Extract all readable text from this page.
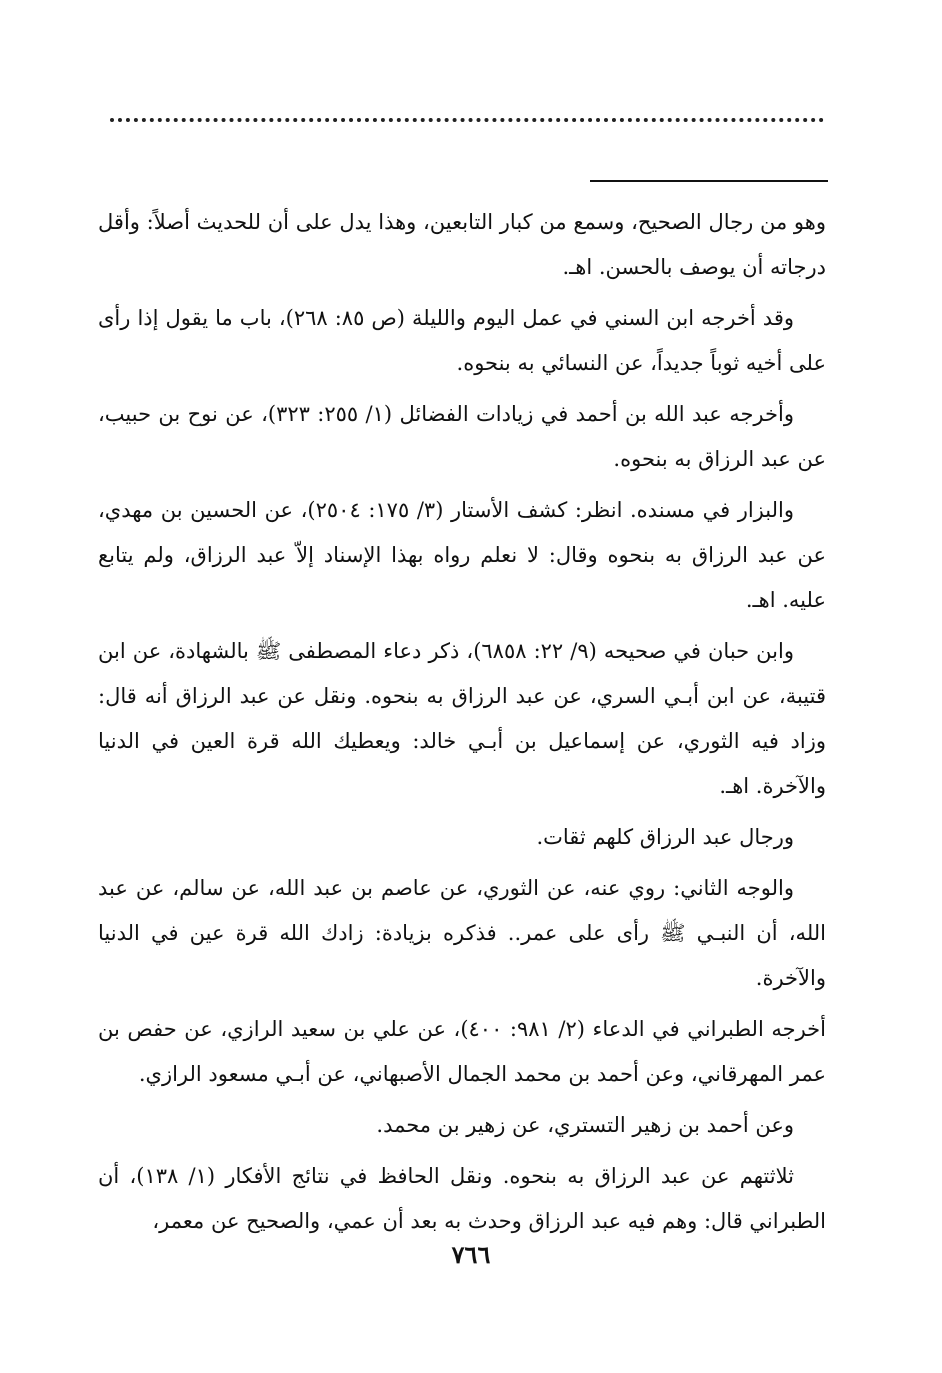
وهو من رجال الصحيح، وسمع من كبار التابعين، وهذا يدل على أن للحديث أصلاً: وأقل درجاته أن يوصف بالحسن. اهـ.

وقد أخرجه ابن السني في عمل اليوم والليلة (ص ٨٥: ٢٦٨)، باب ما يقول إذا رأى على أخيه ثوباً جديداً، عن النسائي به بنحوه.

وأخرجه عبد الله بن أحمد في زيادات الفضائل (١/ ٢٥٥: ٣٢٣)، عن نوح بن حبيب، عن عبد الرزاق به بنحوه.

والبزار في مسنده. انظر: كشف الأستار (٣/ ١٧٥: ٢٥٠٤)، عن الحسين بن مهدي، عن عبد الرزاق به بنحوه وقال: لا نعلم رواه بهذا الإسناد إلاّ عبد الرزاق، ولم يتابع عليه. اهـ.

وابن حبان في صحيحه (٩/ ٢٢: ٦٨٥٨)، ذكر دعاء المصطفى ﷺ بالشهادة، عن ابن قتيبة، عن ابن أبـي السري، عن عبد الرزاق به بنحوه. ونقل عن عبد الرزاق أنه قال: وزاد فيه الثوري، عن إسماعيل بن أبـي خالد: ويعطيك الله قرة العين في الدنيا والآخرة. اهـ.

ورجال عبد الرزاق كلهم ثقات.

والوجه الثاني: روي عنه، عن الثوري، عن عاصم بن عبد الله، عن سالم، عن عبد الله، أن النبـي ﷺ رأى على عمر.. فذكره بزيادة: زادك الله قرة عين في الدنيا والآخرة.

أخرجه الطبراني في الدعاء (٢/ ٩٨١: ٤٠٠)، عن علي بن سعيد الرازي، عن حفص بن عمر المهرقاني، وعن أحمد بن محمد الجمال الأصبهاني، عن أبـي مسعود الرازي.

وعن أحمد بن زهير التستري، عن زهير بن محمد.

ثلاثتهم عن عبد الرزاق به بنحوه. ونقل الحافظ في نتائج الأفكار (١/ ١٣٨)، أن الطبراني قال: وهم فيه عبد الرزاق وحدث به بعد أن عمي، والصحيح عن معمر،

٧٦٦
